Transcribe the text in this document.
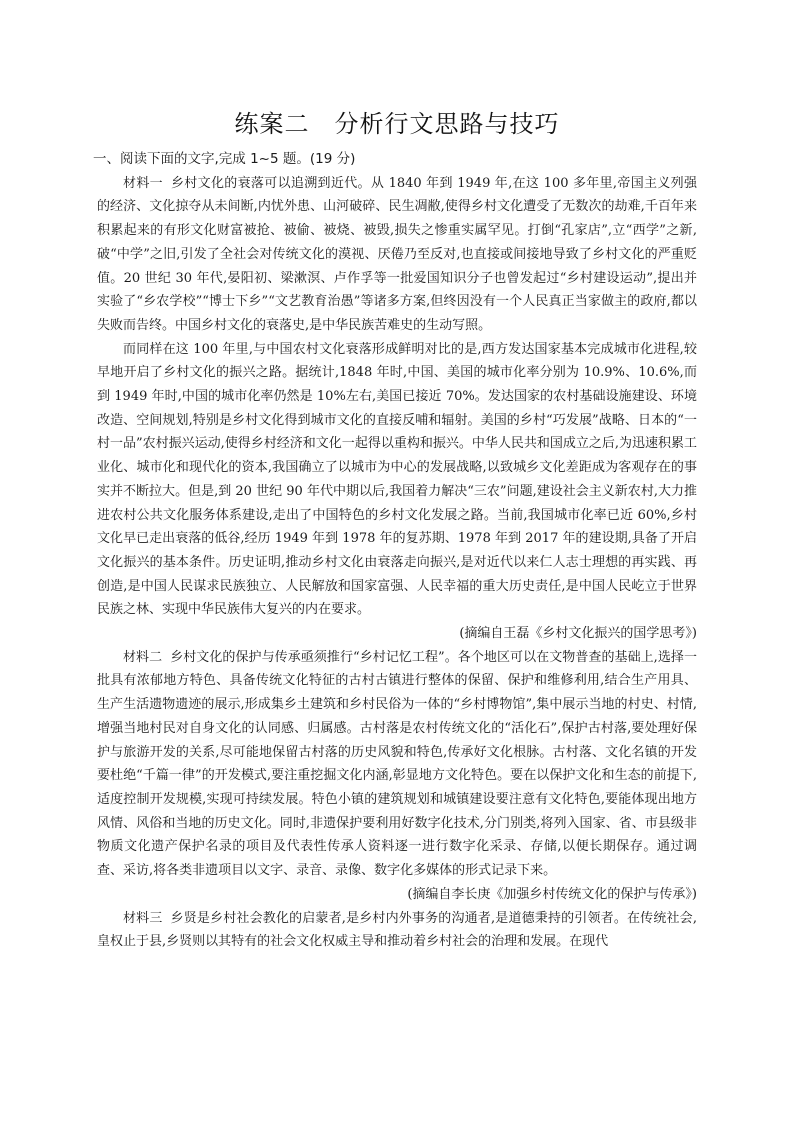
练案二　分析行文思路与技巧
一、阅读下面的文字,完成 1~5 题。(19 分)

材料一 乡村文化的衰落可以追溯到近代。从 1840 年到 1949 年,在这 100 多年里,帝国主义列强的经济、文化掠夺从未间断,内忧外患、山河破碎、民生凋敝,使得乡村文化遭受了无数次的劫难,千百年来积累起来的有形文化财富被抢、被偷、被烧、被毁,损失之惨重实属罕见。打倒“孔家店”,立“西学”之新,破“中学”之旧,引发了全社会对传统文化的漠视、厌倦乃至反对,也直接或间接地导致了乡村文化的严重贬值。20 世纪 30 年代,晏阳初、梁漱溟、卢作孚等一批爱国知识分子也曾发起过“乡村建设运动”,提出并实验了“乡农学校”“博士下乡”“文艺教育治愚”等诸多方案,但终因没有一个人民真正当家做主的政府,都以失败而告终。中国乡村文化的衰落史,是中华民族苦难史的生动写照。

而同样在这 100 年里,与中国农村文化衰落形成鲜明对比的是,西方发达国家基本完成城市化进程,较早地开启了乡村文化的振兴之路。据统计,1848 年时,中国、美国的城市化率分别为 10.9%、10.6%,而到 1949 年时,中国的城市化率仍然是 10%左右,美国已接近 70%。发达国家的农村基础设施建设、环境改造、空间规划,特别是乡村文化得到城市文化的直接反哺和辐射。美国的乡村“巧发展”战略、日本的“一村一品”农村振兴运动,使得乡村经济和文化一起得以重构和振兴。中华人民共和国成立之后,为迅速积累工业化、城市化和现代化的资本,我国确立了以城市为中心的发展战略,以致城乡文化差距成为客观存在的事实并不断拉大。但是,到 20 世纪 90 年代中期以后,我国着力解决“三农”问题,建设社会主义新农村,大力推进农村公共文化服务体系建设,走出了中国特色的乡村文化发展之路。当前,我国城市化率已近 60%,乡村文化早已走出衰落的低谷,经历 1949 年到 1978 年的复苏期、1978 年到 2017 年的建设期,具备了开启文化振兴的基本条件。历史证明,推动乡村文化由衰落走向振兴,是对近代以来仁人志士理想的再实践、再创造,是中国人民谋求民族独立、人民解放和国家富强、人民幸福的重大历史责任,是中国人民屹立于世界民族之林、实现中华民族伟大复兴的内在要求。

(摘编自王磊《乡村文化振兴的国学思考》)

材料二 乡村文化的保护与传承亟须推行“乡村记忆工程”。各个地区可以在文物普查的基础上,选择一批具有浓郁地方特色、具备传统文化特征的古村古镇进行整体的保留、保护和维修利用,结合生产用具、生产生活遗物遗迹的展示,形成集乡土建筑和乡村民俗为一体的“乡村博物馆”,集中展示当地的村史、村情,增强当地村民对自身文化的认同感、归属感。古村落是农村传统文化的“活化石”,保护古村落,要处理好保护与旅游开发的关系,尽可能地保留古村落的历史风貌和特色,传承好文化根脉。古村落、文化名镇的开发要杜绝“千篇一律”的开发模式,要注重挖掘文化内涵,彰显地方文化特色。要在以保护文化和生态的前提下,适度控制开发规模,实现可持续发展。特色小镇的建筑规划和城镇建设要注意有文化特色,要能体现出地方风情、风俗和当地的历史文化。同时,非遗保护要利用好数字化技术,分门别类,将列入国家、省、市县级非物质文化遗产保护名录的项目及代表性传承人资料逐一进行数字化采录、存储,以便长期保存。通过调查、采访,将各类非遗项目以文字、录音、录像、数字化多媒体的形式记录下来。

(摘编自李长庚《加强乡村传统文化的保护与传承》)

材料三 乡贤是乡村社会教化的启蒙者,是乡村内外事务的沟通者,是道德秉持的引领者。在传统社会,皇权止于县,乡贤则以其特有的社会文化权威主导和推动着乡村社会的治理和发展。在现代
